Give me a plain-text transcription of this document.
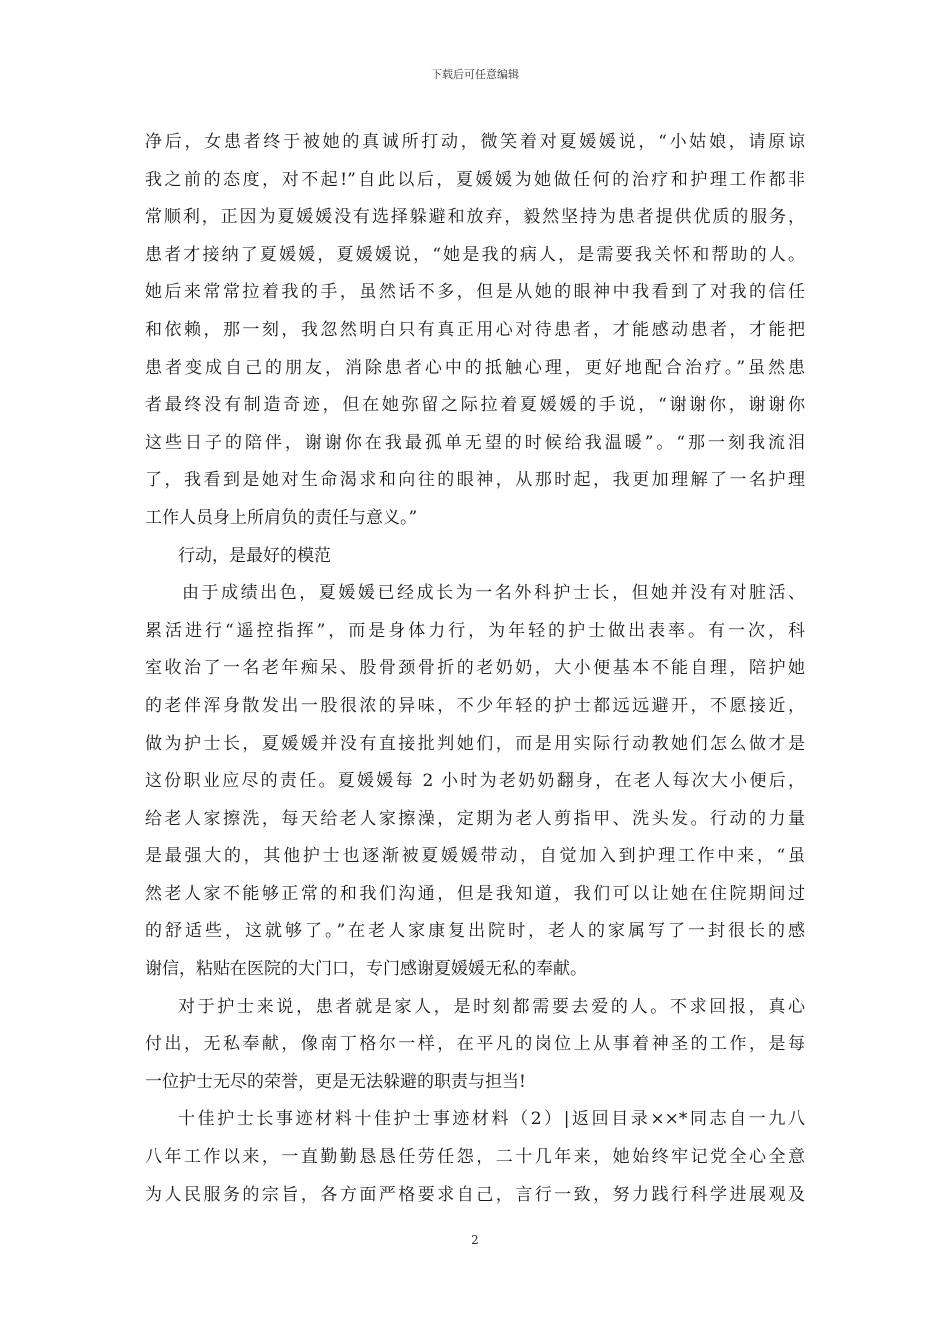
下载后可任意编辑
净后，女患者终于被她的真诚所打动，微笑着对夏媛媛说，“小姑娘，请原谅
我之前的态度，对不起!”自此以后，夏媛媛为她做任何的治疗和护理工作都非
常顺利，正因为夏媛媛没有选择躲避和放弃，毅然坚持为患者提供优质的服务，
患者才接纳了夏媛媛，夏媛媛说，“她是我的病人，是需要我关怀和帮助的人。
她后来常常拉着我的手，虽然话不多，但是从她的眼神中我看到了对我的信任
和依赖，那一刻，我忽然明白只有真正用心对待患者，才能感动患者，才能把
患者变成自己的朋友，消除患者心中的抵触心理，更好地配合治疗。”虽然患
者最终没有制造奇迹，但在她弥留之际拉着夏媛媛的手说，“谢谢你，谢谢你
这些日子的陪伴，谢谢你在我最孤单无望的时候给我温暖”。“那一刻我流泪
了，我看到是她对生命渴求和向往的眼神，从那时起，我更加理解了一名护理
工作人员身上所肩负的责任与意义。”
行动，是最好的模范
由于成绩出色，夏媛媛已经成长为一名外科护士长，但她并没有对脏活、
累活进行“遥控指挥”，而是身体力行，为年轻的护士做出表率。有一次，科
室收治了一名老年痴呆、股骨颈骨折的老奶奶，大小便基本不能自理，陪护她
的老伴浑身散发出一股很浓的异味，不少年轻的护士都远远避开，不愿接近，
做为护士长，夏媛媛并没有直接批判她们，而是用实际行动教她们怎么做才是
这份职业应尽的责任。夏媛媛每 2 小时为老奶奶翻身，在老人每次大小便后，
给老人家擦洗，每天给老人家擦澡，定期为老人剪指甲、洗头发。行动的力量
是最强大的，其他护士也逐渐被夏媛媛带动，自觉加入到护理工作中来，“虽
然老人家不能够正常的和我们沟通，但是我知道，我们可以让她在住院期间过
的舒适些，这就够了。”在老人家康复出院时，老人的家属写了一封很长的感
谢信，粘贴在医院的大门口，专门感谢夏媛媛无私的奉献。
对于护士来说，患者就是家人，是时刻都需要去爱的人。不求回报，真心
付出，无私奉献，像南丁格尔一样，在平凡的岗位上从事着神圣的工作，是每
一位护士无尽的荣誉，更是无法躲避的职责与担当!
十佳护士长事迹材料十佳护士事迹材料（2）|返回目录××*同志自一九八
八年工作以来，一直勤勤恳恳任劳任怨，二十几年来，她始终牢记党全心全意
为人民服务的宗旨，各方面严格要求自己，言行一致，努力践行科学进展观及
2
